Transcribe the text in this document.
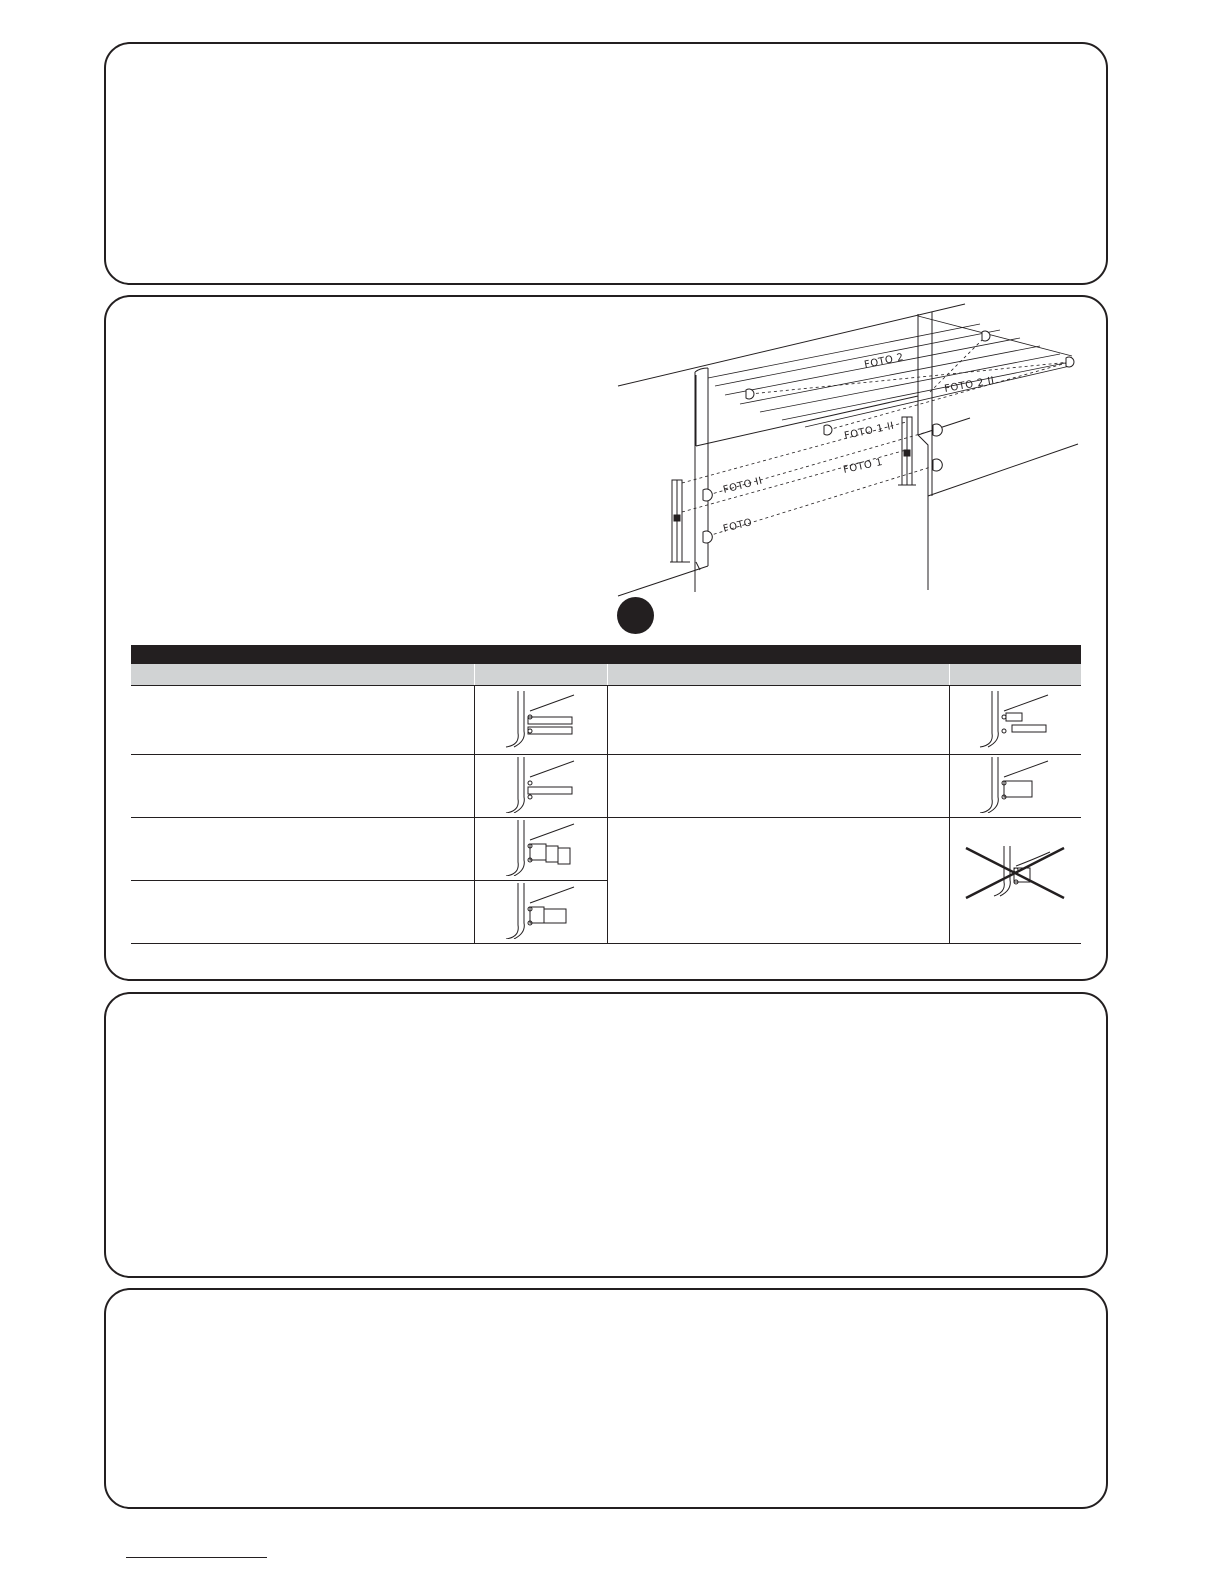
FOTO 2
FOTO 2 II
FOTO 1 II
FOTO 1
FOTO II
FOTO
